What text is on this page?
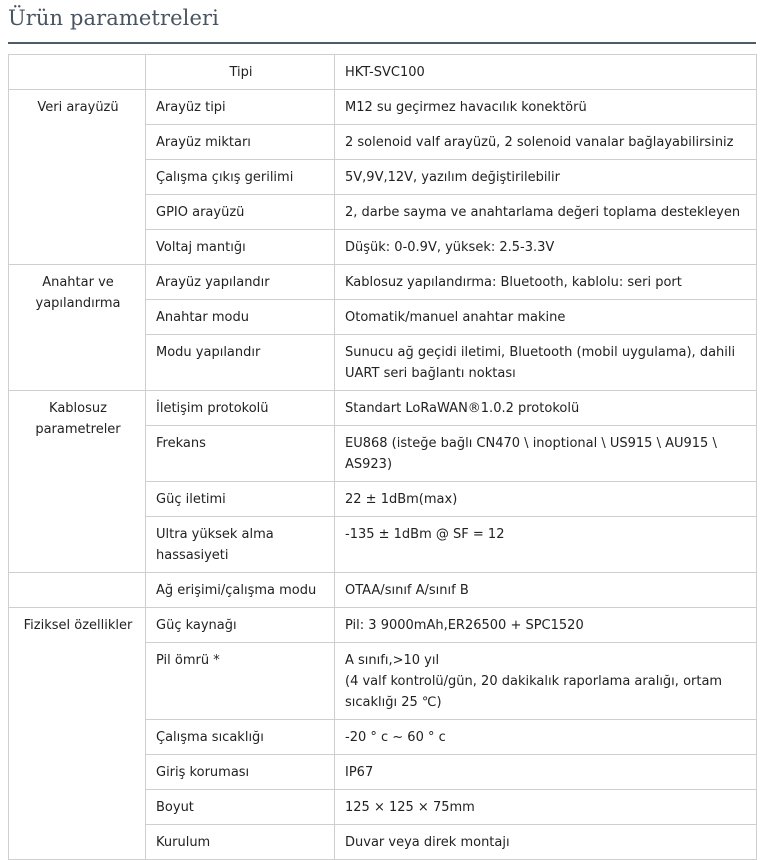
Ürün parametreleri
	Tipi	HKT-SVC100
Veri arayüzü	Arayüz tipi	M12 su geçirmez havacılık konektörü
	Arayüz miktarı	2 solenoid valf arayüzü, 2 solenoid vanalar bağlayabilirsiniz
	Çalışma çıkış gerilimi	5V,9V,12V, yazılım değiştirilebilir
	GPIO arayüzü	2, darbe sayma ve anahtarlama değeri toplama destekleyen
	Voltaj mantığı	Düşük: 0-0.9V, yüksek: 2.5-3.3V
Anahtar ve yapılandırma	Arayüz yapılandır	Kablosuz yapılandırma: Bluetooth, kablolu: seri port
	Anahtar modu	Otomatik/manuel anahtar makine
	Modu yapılandır	Sunucu ağ geçidi iletimi, Bluetooth (mobil uygulama), dahili UART seri bağlantı noktası
Kablosuz parametreler	İletişim protokolü	Standart LoRaWAN®1.0.2 protokolü
	Frekans	EU868 (isteğe bağlı CN470 \ inoptional \ US915 \ AU915 \ AS923)
	Güç iletimi	22 ± 1dBm(max)
	Ultra yüksek alma hassasiyeti	-135 ± 1dBm @ SF = 12
	Ağ erişimi/çalışma modu	OTAA/sınıf A/sınıf B
Fiziksel özellikler	Güç kaynağı	Pil: 3 9000mAh,ER26500 + SPC1520
	Pil ömrü *	A sınıfı,>10 yıl
(4 valf kontrolü/gün, 20 dakikalık raporlama aralığı, ortam sıcaklığı 25 ℃)

	Çalışma sıcaklığı	-20 ° c ~ 60 ° c
	Giriş koruması	IP67
	Boyut	125 × 125 × 75mm
	Kurulum	Duvar veya direk montajı
